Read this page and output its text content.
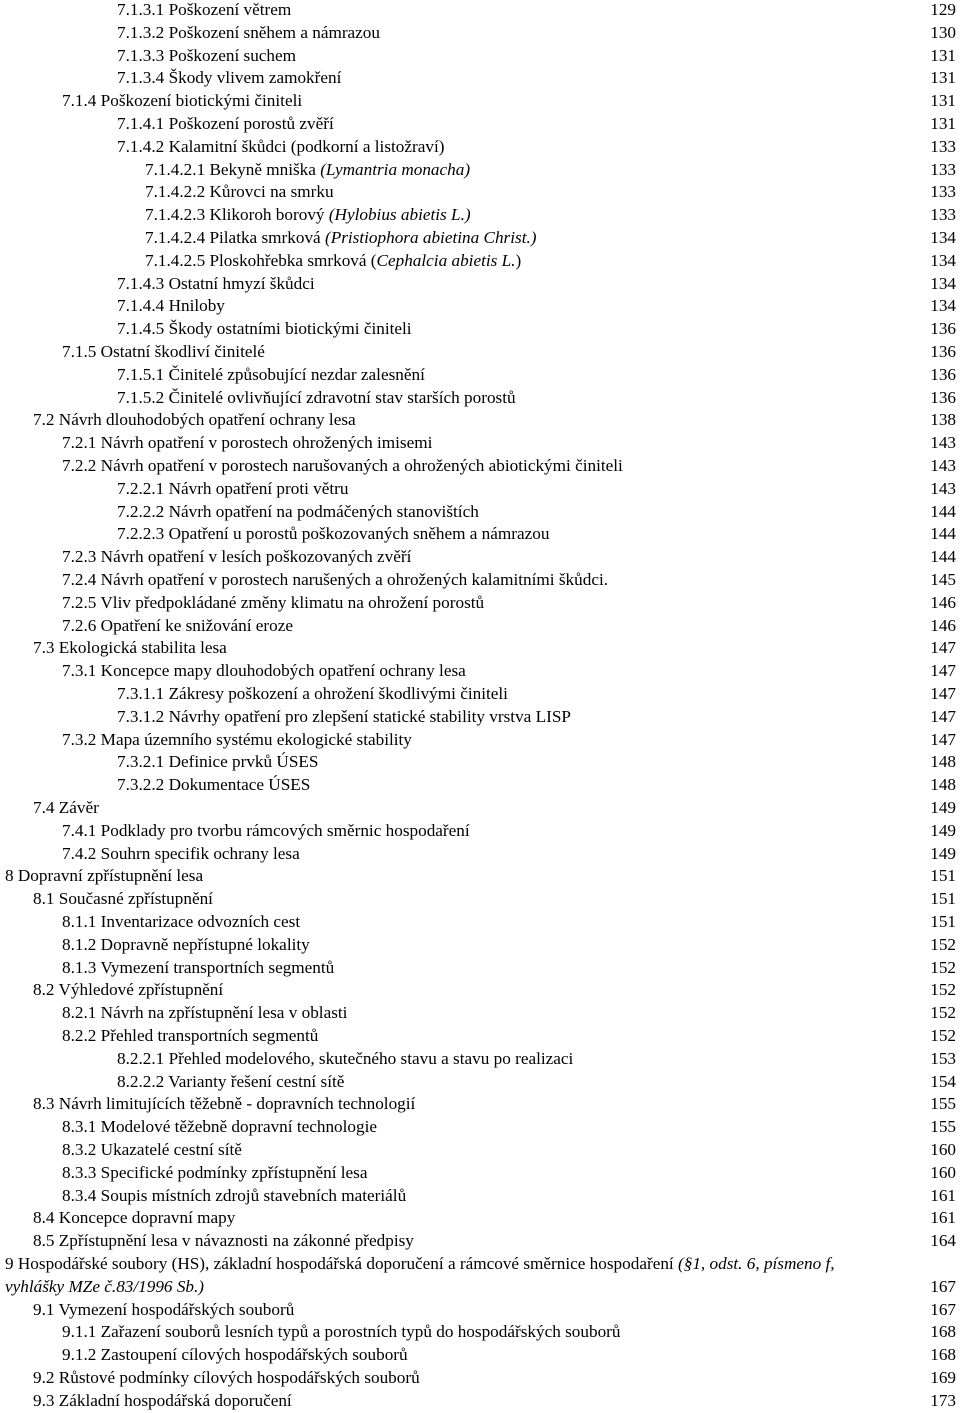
7.1.3.1 Poškození větrem	129
7.1.3.2 Poškození sněhem a námrazou	130
7.1.3.3 Poškození suchem	131
7.1.3.4 Škody vlivem zamokření	131
7.1.4 Poškození biotickými činiteli	131
7.1.4.1 Poškození porostů zvěří	131
7.1.4.2 Kalamitní škůdci (podkorní a listožraví)	133
7.1.4.2.1 Bekyně mniška (Lymantria monacha)	133
7.1.4.2.2 Kůrovci na smrku	133
7.1.4.2.3 Klikoroh borový (Hylobius abietis L.)	133
7.1.4.2.4 Pilatka smrková (Pristiophora abietina Christ.)	134
7.1.4.2.5 Ploskohřebka smrková (Cephalcia abietis L.)	134
7.1.4.3 Ostatní hmyzí škůdci	134
7.1.4.4 Hniloby	134
7.1.4.5 Škody ostatními biotickými činiteli	136
7.1.5 Ostatní škodliví činitelé	136
7.1.5.1 Činitelé způsobující nezdar zalesnění	136
7.1.5.2 Činitelé ovlivňující zdravotní stav starších porostů	136
7.2 Návrh dlouhodobých opatření ochrany lesa	138
7.2.1 Návrh opatření v porostech ohrožených imisemi	143
7.2.2 Návrh opatření v porostech narušovaných a ohrožených abiotickými činiteli	143
7.2.2.1 Návrh opatření proti větru	143
7.2.2.2 Návrh opatření na podmáčených stanovištích	144
7.2.2.3 Opatření u porostů poškozovaných sněhem a námrazou	144
7.2.3 Návrh opatření v lesích poškozovaných zvěří	144
7.2.4 Návrh opatření v porostech narušených a ohrožených kalamitními škůdci.	145
7.2.5 Vliv předpokládané změny klimatu na ohrožení porostů	146
7.2.6 Opatření ke snižování eroze	146
7.3 Ekologická stabilita lesa	147
7.3.1 Koncepce mapy dlouhodobých opatření ochrany lesa	147
7.3.1.1 Zákresy poškození a ohrožení škodlivými činiteli	147
7.3.1.2 Návrhy opatření pro zlepšení statické stability vrstva LISP	147
7.3.2 Mapa územního systému ekologické stability	147
7.3.2.1 Definice prvků ÚSES	148
7.3.2.2 Dokumentace ÚSES	148
7.4 Závěr	149
7.4.1 Podklady pro tvorbu rámcových směrnic hospodaření	149
7.4.2 Souhrn specifik ochrany lesa	149
8 Dopravní zpřístupnění lesa	151
8.1 Současné zpřístupnění	151
8.1.1 Inventarizace odvozních cest	151
8.1.2 Dopravně nepřístupné lokality	152
8.1.3 Vymezení transportních segmentů	152
8.2 Výhledové zpřístupnění	152
8.2.1 Návrh na zpřístupnění lesa v oblasti	152
8.2.2 Přehled transportních segmentů	152
8.2.2.1 Přehled modelového, skutečného stavu a stavu po realizaci	153
8.2.2.2 Varianty řešení cestní sítě	154
8.3 Návrh limitujících těžebně - dopravních technologií	155
8.3.1 Modelové těžebně dopravní technologie	155
8.3.2 Ukazatelé cestní sítě	160
8.3.3 Specifické podmínky zpřístupnění lesa	160
8.3.4 Soupis místních zdrojů stavebních materiálů	161
8.4 Koncepce dopravní mapy	161
8.5 Zpřístupnění lesa v návaznosti na zákonné předpisy	164
9 Hospodářské soubory (HS), základní hospodářská doporučení a rámcové směrnice hospodaření (§1, odst. 6, písmeno f, vyhlášky MZe č.83/1996 Sb.)	167
9.1 Vymezení hospodářských souborů	167
9.1.1 Zařazení souborů lesních typů a porostních typů do hospodářských souborů	168
9.1.2 Zastoupení cílových hospodářských souborů	168
9.2 Růstové podmínky cílových hospodářských souborů	169
9.3 Základní hospodářská doporučení	173
